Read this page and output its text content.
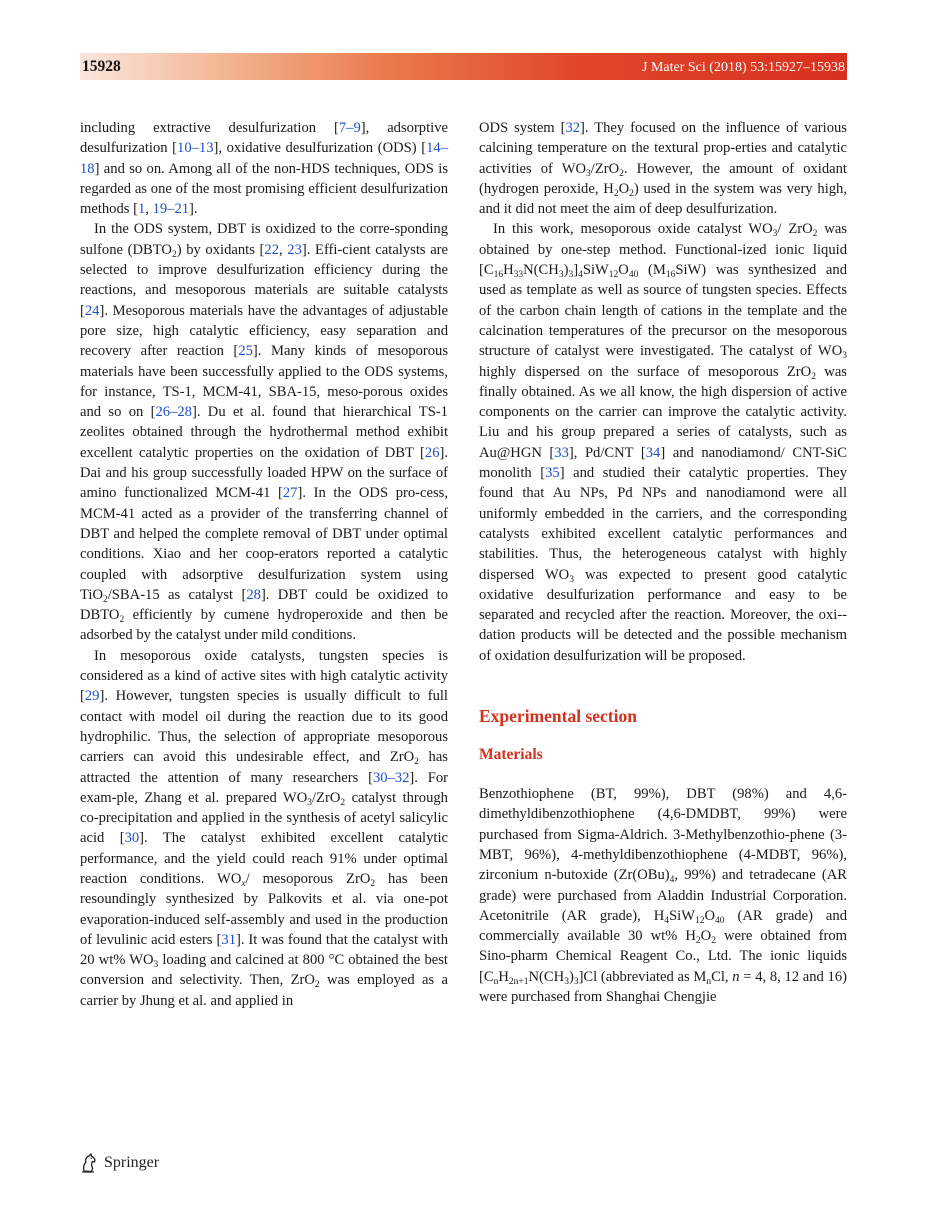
15928	J Mater Sci (2018) 53:15927–15938

including extractive desulfurization [7–9], adsorptive desulfurization [10–13], oxidative desulfurization (ODS) [14–18] and so on. Among all of the non-HDS techniques, ODS is regarded as one of the most promising efficient desulfurization methods [1, 19–21].

In the ODS system, DBT is oxidized to the corre-sponding sulfone $(DBTO_2)$ by oxidants [22, 23]. Effi-cient catalysts are selected to improve desulfurization efficiency during the reactions, and mesoporous materials are suitable catalysts [24]. Mesoporous materials have the advantages of adjustable pore size, high catalytic efficiency, easy separation and recovery after reaction [25]. Many kinds of mesoporous materials have been successfully applied to the ODS systems, for instance, TS-1, MCM-41, SBA-15, meso-porous oxides and so on [26–28]. Du et al. found that hierarchical TS-1 zeolites obtained through the hydrothermal method exhibit excellent catalytic properties on the oxidation of DBT [26]. Dai and his group successfully loaded HPW on the surface of amino functionalized MCM-41 [27]. In the ODS pro-cess, MCM-41 acted as a provider of the transferring channel of DBT and helped the complete removal of DBT under optimal conditions. Xiao and her coop-erators reported a catalytic coupled with adsorptive desulfurization system using TiO$_2$/SBA-15 as catalyst [28]. DBT could be oxidized to $DBTO_2$ efficiently by cumene hydroperoxide and then be adsorbed by the catalyst under mild conditions.

In mesoporous oxide catalysts, tungsten species is considered as a kind of active sites with high catalytic activity [29]. However, tungsten species is usually difficult to full contact with model oil during the reaction due to its good hydrophilic. Thus, the selection of appropriate mesoporous carriers can avoid this undesirable effect, and ZrO$_2$ has attracted the attention of many researchers [30–32]. For exam-ple, Zhang et al. prepared $WO_3/ZrO_2$ catalyst through co-precipitation and applied in the synthesis of acetyl salicylic acid [30]. The catalyst exhibited excellent catalytic performance, and the yield could reach 91% under optimal reaction conditions. $WO_x/$ mesoporous ZrO$_2$ has been resoundingly synthesized by Palkovits et al. via one-pot evaporation-induced self-assembly and used in the production of levulinic acid esters [31]. It was found that the catalyst with 20 wt% $WO_3$ loading and calcined at 800 °C obtained the best conversion and selectivity. Then, ZrO$_2$ was employed as a carrier by Jhung et al. and applied in

ODS system [32]. They focused on the influence of various calcining temperature on the textural prop-erties and catalytic activities of $WO_3/ZrO_2$. However, the amount of oxidant (hydrogen peroxide, $H_2O_2$) used in the system was very high, and it did not meet the aim of deep desulfurization.

In this work, mesoporous oxide catalyst $WO_3/$ ZrO$_2$ was obtained by one-step method. Functional-ized ionic liquid $[C_{16}H_{33}N(CH_3)_3]_4SiW_{12}O_{40}$ $(M_{16}SiW)$ was synthesized and used as template as well as source of tungsten species. Effects of the carbon chain length of cations in the template and the calcination temperatures of the precursor on the mesoporous structure of catalyst were investigated. The catalyst of $WO_3$ highly dispersed on the surface of mesoporous ZrO$_2$ was finally obtained. As we all know, the high dispersion of active components on the carrier can improve the catalytic activity. Liu and his group prepared a series of catalysts, such as Au@HGN [33], Pd/CNT [34] and nanodiamond/ CNT-SiC monolith [35] and studied their catalytic properties. They found that Au NPs, Pd NPs and nanodiamond were all uniformly embedded in the carriers, and the corresponding catalysts exhibited excellent catalytic performances and stabilities. Thus, the heterogeneous catalyst with highly dispersed $WO_3$ was expected to present good catalytic oxidative desulfurization performance and easy to be separated and recycled after the reaction. Moreover, the oxi-dation products will be detected and the possible mechanism of oxidation desulfurization will be proposed.

Experimental section
Materials

Benzothiophene (BT, 99%), DBT (98%) and 4,6-dimethyldibenzothiophene (4,6-DMDBT, 99%) were purchased from Sigma-Aldrich. 3-Methylbenzothio-phene (3-MBT, 96%), 4-methyldibenzothiophene (4-MDBT, 96%), zirconium n-butoxide ($Zr(OBu)_4$, 99%) and tetradecane (AR grade) were purchased from Aladdin Industrial Corporation. Acetonitrile (AR grade), $H_4SiW_{12}O_{40}$ (AR grade) and commercially available 30 wt% $H_2O_2$ were obtained from Sino-pharm Chemical Reagent Co., Ltd. The ionic liquids $[C_nH_{2n+1}N(CH_3)_3]Cl$ (abbreviated as $M_nCl$, n = 4, 8, 12 and 16) were purchased from Shanghai Chengjie

Springer
